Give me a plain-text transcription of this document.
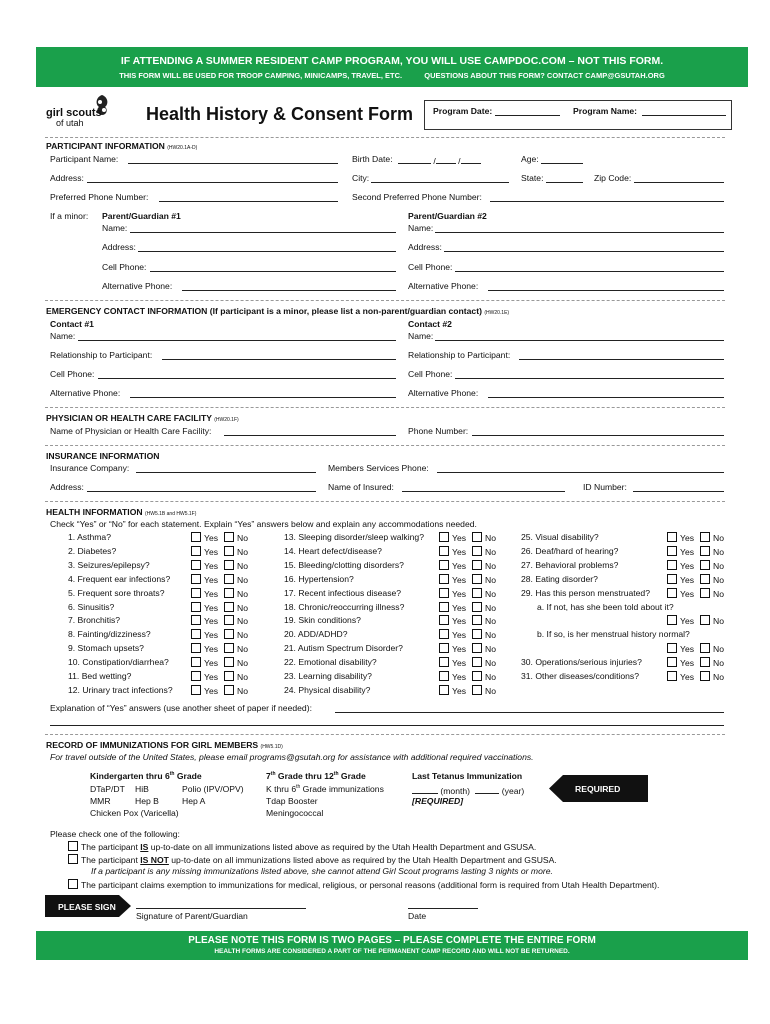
IF ATTENDING A SUMMER RESIDENT CAMP PROGRAM, YOU WILL USE CAMPDOC.COM – NOT THIS FORM.
THIS FORM WILL BE USED FOR TROOP CAMPING, MINICAMPS, TRAVEL, ETC.	QUESTIONS ABOUT THIS FORM? CONTACT CAMP@GSUTAH.ORG
girl scouts
of utah	Health History & Consent Form Program Date:	Program Name:
PARTICIPANT INFORMATION (HW20.1A-D)
Participant Name:	Birth Date:	/ /	Age:
Address:	City:	State:	Zip Code:
Preferred Phone Number:	Second Preferred Phone Number:
If a minor: Parent/Guardian #1	Parent/Guardian #2
Name:	Name:
Address:	Address:
Cell Phone:	Cell Phone:
Alternative Phone:	Alternative Phone:
EMERGENCY CONTACT INFORMATION (If participant is a minor, please list a non-parent/guardian contact) (HW20.1E)
Contact #1	Contact #2
Name:	Name:
Relationship to Participant:	Relationship to Participant:
Cell Phone:	Cell Phone:
Alternative Phone:	Alternative Phone:
PHYSICIAN OR HEALTH CARE FACILITY (HW20.1F)
Name of Physician or Health Care Facility:	Phone Number:
INSURANCE INFORMATION
Insurance Company:	Members Services Phone:
Address:	Name of Insured:	ID Number:
HEALTH INFORMATION (HW5.1B and HW5.1F)
Check “Yes” or “No” for each statement. Explain “Yes” answers below and explain any accommodations needed.
1. Asthma?	Yes	No
2. Diabetes?	Yes	No
3. Seizures/epilepsy?	Yes	No
4. Frequent ear infections?	Yes	No
5. Frequent sore throats?	Yes	No
6. Sinusitis?	Yes	No
7. Bronchitis?	Yes	No
8. Fainting/dizziness?	Yes	No
9. Stomach upsets?	Yes	No
10. Constipation/diarrhea?	Yes	No
11. Bed wetting?	Yes	No
12. Urinary tract infections?	Yes	No
13. Sleeping disorder/sleep walking?	Yes	No
14. Heart defect/disease?	Yes	No
15. Bleeding/clotting disorders?	Yes	No
16. Hypertension?	Yes	No
17. Recent infectious disease?	Yes	No
18. Chronic/reoccurring illness?	Yes	No
19. Skin conditions?	Yes	No
20. ADD/ADHD?	Yes	No
21. Autism Spectrum Disorder?	Yes	No
22. Emotional disability?	Yes	No
23. Learning disability?	Yes	No
24. Physical disability?	Yes	No
25. Visual disability?	Yes	No
26. Deaf/hard of hearing?	Yes	No
27. Behavioral problems?	Yes	No
28. Eating disorder?	Yes	No
29. Has this person menstruated?	Yes	No
a. If not, has she been told about it?
Yes	No
b. If so, is her menstrual history normal?
Yes	No
30. Operations/serious injuries?	Yes	No
31. Other diseases/conditions?	Yes	No
Explanation of “Yes” answers (use another sheet of paper if needed):
RECORD OF IMMUNIZATIONS FOR GIRL MEMBERS (HW5.1D)
For travel outside of the United States, please email programs@gsutah.org for assistance with additional required vaccinations.
Kindergarten thru 6th Grade
DTaP/DT HiB	Polio (IPV/OPV)
MMR	Hep B	Hep A
Chicken Pox (Varicella)
7th Grade thru 12th Grade
K thru 6th Grade immunizations
Tdap Booster
Meningococcal
Last Tetanus Immunization
(month)	(year)
[REQUIRED]
REQUIRED
Please check one of the following:
The participant IS up-to-date on all immunizations listed above as required by the Utah Health Department and GSUSA.
The participant IS NOT up-to-date on all immunizations listed above as required by the Utah Health Department and GSUSA.
If a participant is any missing immunizations listed above, she cannot attend Girl Scout programs lasting 3 nights or more.
The participant claims exemption to immunizations for medical, religious, or personal reasons (additional form is required from Utah Health Department).
PLEASE SIGN
Signature of Parent/Guardian	Date
PLEASE NOTE THIS FORM IS TWO PAGES – PLEASE COMPLETE THE ENTIRE FORM
HEALTH FORMS ARE CONSIDERED A PART OF THE PERMANENT CAMP RECORD AND WILL NOT BE RETURNED.
